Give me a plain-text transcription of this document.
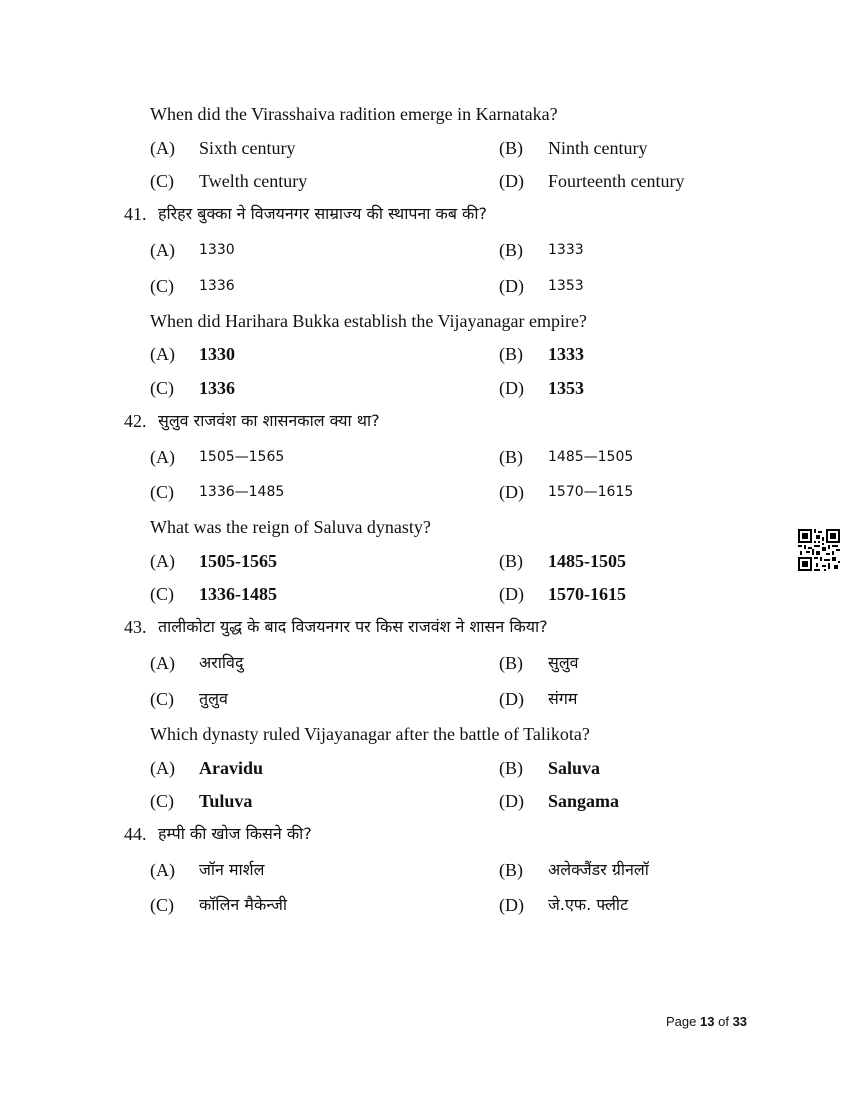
When did the Virasshaiva radition emerge in Karnataka?
(A) Sixth century	(B) Ninth century
(C) Twelth century	(D) Fourteenth century
41. हरिहर बुक्का ने विजयनगर साम्राज्य की स्थापना कब की?
(A) 1330	(B) 1333
(C) 1336	(D) 1353
When did Harihara Bukka establish the Vijayanagar empire?
(A) 1330	(B) 1333
(C) 1336	(D) 1353
42. सुलुव राजवंश का शासनकाल क्या था?
(A) 1505—1565	(B) 1485—1505
(C) 1336—1485	(D) 1570—1615
What was the reign of Saluva dynasty?
(A) 1505-1565	(B) 1485-1505
(C) 1336-1485	(D) 1570-1615
43. तालीकोटा युद्ध के बाद विजयनगर पर किस राजवंश ने शासन किया?
(A) अराविदु	(B) सुलुव
(C) तुलुव	(D) संगम
Which dynasty ruled Vijayanagar after the battle of Talikota?
(A) Aravidu	(B) Saluva
(C) Tuluva	(D) Sangama
44. हम्पी की खोज किसने की?
(A) जॉन मार्शल	(B) अलेक्जैंडर ग्रीनलॉ
(C) कॉलिन मैकेन्जी	(D) जे.एफ. फ्लीट
Page 13 of 33
